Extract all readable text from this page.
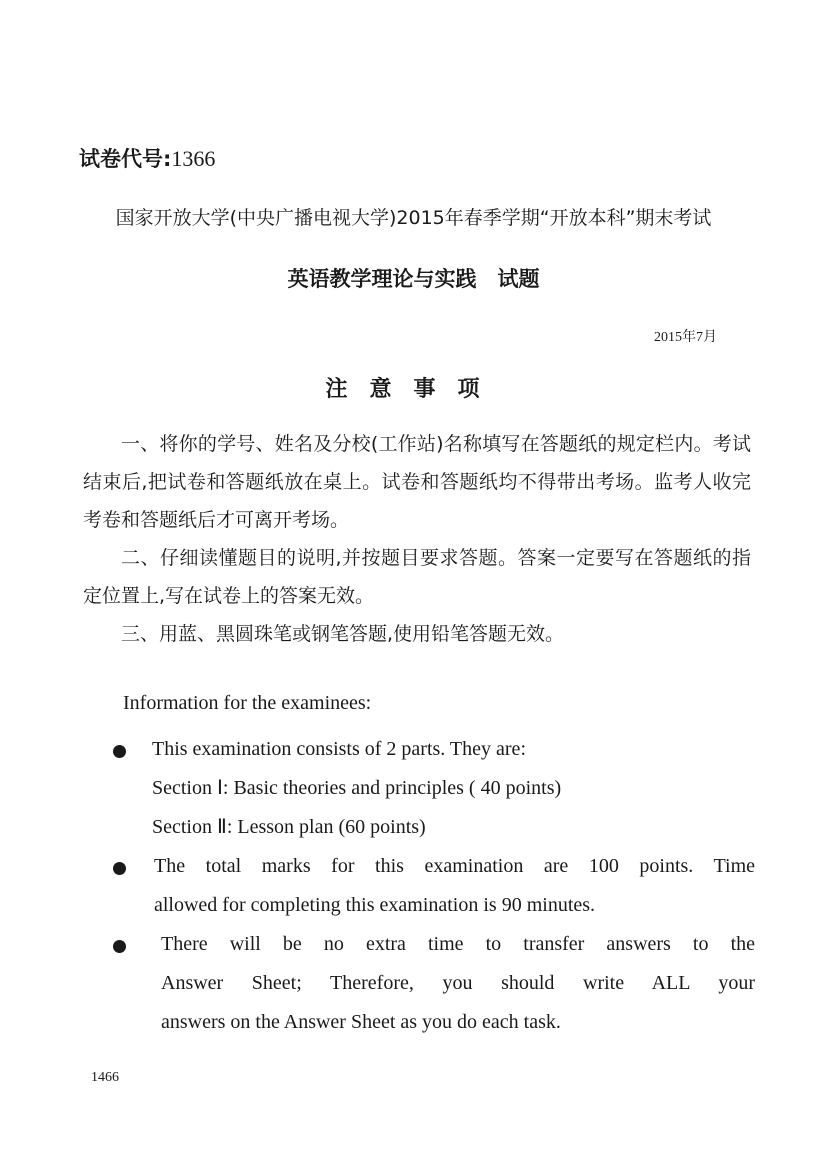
试卷代号:1366
国家开放大学(中央广播电视大学)2015年春季学期“开放本科”期末考试
英语教学理论与实践　试题
2015年7月
注意事项

一、将你的学号、姓名及分校(工作站)名称填写在答题纸的规定栏内。考试结束后,把试卷和答题纸放在桌上。试卷和答题纸均不得带出考场。监考人收完考卷和答题纸后才可离开考场。

二、仔细读懂题目的说明,并按题目要求答题。答案一定要写在答题纸的指定位置上,写在试卷上的答案无效。

三、用蓝、黑圆珠笔或钢笔答题,使用铅笔答题无效。

Information for the examinees:
This examination consists of 2 parts. They are:
Section Ⅰ: Basic theories and principles ( 40 points)
Section Ⅱ: Lesson plan (60 points)
The total marks for this examination are 100 points. Time
allowed for completing this examination is 90 minutes.
There will be no extra time to transfer answers to the
Answer Sheet; Therefore, you should write ALL your
answers on the Answer Sheet as you do each task.
1466
